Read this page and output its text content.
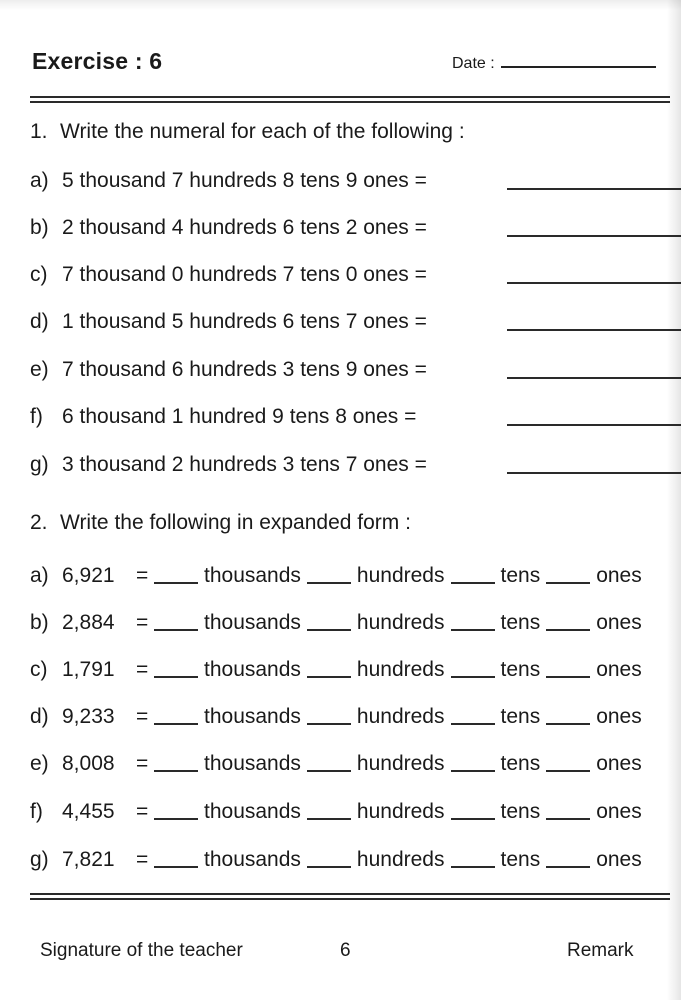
Exercise : 6	Date :
1. Write the numeral for each of the following :
a) 5 thousand 7 hundreds 8 tens 9 ones =
b) 2 thousand 4 hundreds 6 tens 2 ones =
c) 7 thousand 0 hundreds 7 tens 0 ones =
d) 1 thousand 5 hundreds 6 tens 7 ones =
e) 7 thousand 6 hundreds 3 tens 9 ones =
f) 6 thousand 1 hundred 9 tens 8 ones =
g) 3 thousand 2 hundreds 3 tens 7 ones =
2. Write the following in expanded form :
a) 6,921	=	thousands	hundreds	tens	ones
b) 2,884	=	thousands	hundreds	tens	ones
c) 1,791	=	thousands	hundreds	tens	ones
d) 9,233	=	thousands	hundreds	tens	ones
e) 8,008	=	thousands	hundreds	tens	ones
f) 4,455	=	thousands	hundreds	tens	ones
g) 7,821	=	thousands	hundreds	tens	ones
Signature of the teacher	6	Remark
